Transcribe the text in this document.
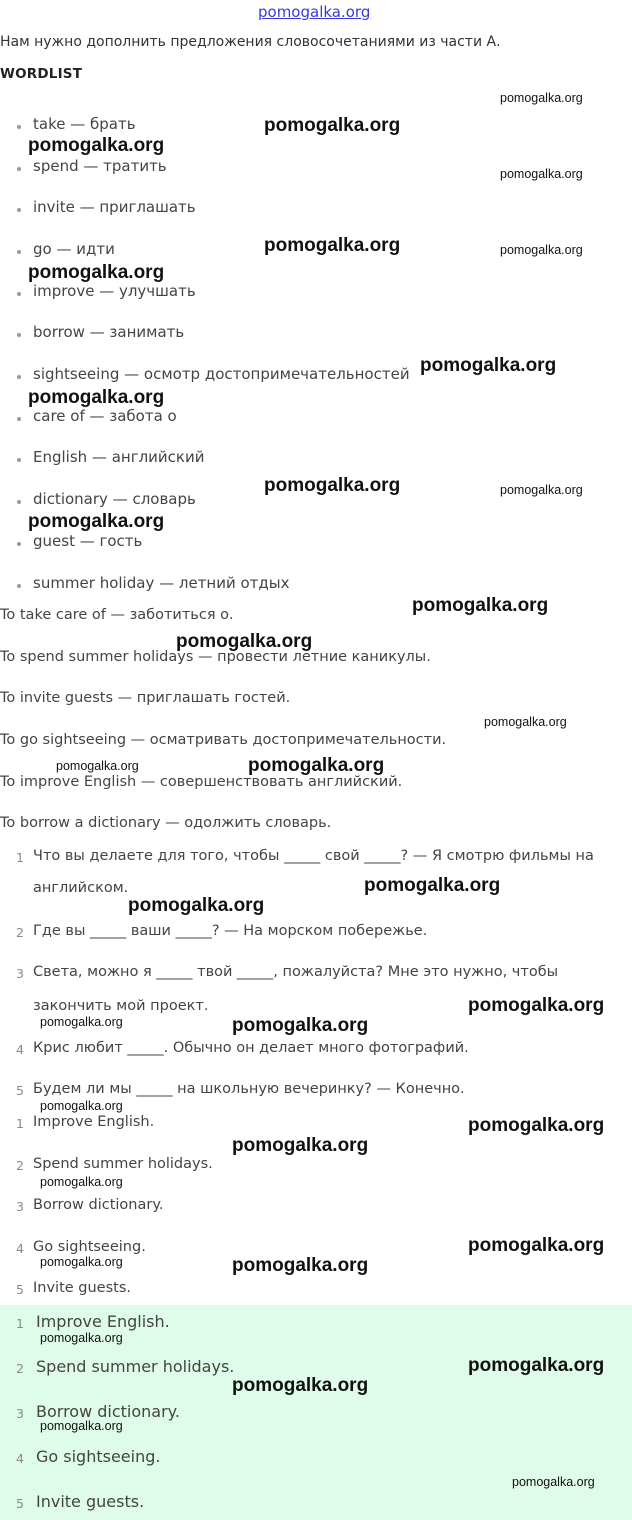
pomogalka.org
Нам нужно дополнить предложения словосочетаниями из части А.
WORDLIST
take — брать
spend — тратить
invite — приглашать
go — идти
improve — улучшать
borrow — занимать
sightseeing — осмотр достопримечательностей
care of — забота о
English — английский
dictionary — словарь
guest — гость
summer holiday — летний отдых
To take care of — заботиться о.
To spend summer holidays — провести летние каникулы.
To invite guests — приглашать гостей.
To go sightseeing — осматривать достопримечательности.
To improve English — совершенствовать английский.
To borrow a dictionary — одолжить словарь.
1 Что вы делаете для того, чтобы _____ свой _____? — Я смотрю фильмы на
английском.
2 Где вы _____ ваши _____? — На морском побережье.
3 Света, можно я _____ твой _____, пожалуйста? Мне это нужно, чтобы
закончить мой проект.
4 Крис любит _____. Обычно он делает много фотографий.
5 Будем ли мы _____ на школьную вечеринку? — Конечно.
1 Improve English.
2 Spend summer holidays.
3 Borrow dictionary.
4 Go sightseeing.
5 Invite guests.
1 Improve English.
2 Spend summer holidays.
3 Borrow dictionary.
4 Go sightseeing.
5 Invite guests.
pomogalka.org
pomogalka.org
pomogalka.org
pomogalka.org
pomogalka.org	pomogalka.org
pomogalka.org
pomogalka.org
pomogalka.org
pomogalka.org	pomogalka.org
pomogalka.org
pomogalka.org
pomogalka.org
pomogalka.org
pomogalka.org	pomogalka.org
pomogalka.org
pomogalka.org
pomogalka.org
pomogalka.org
pomogalka.org
pomogalka.org
pomogalka.org
pomogalka.org
pomogalka.org
pomogalka.org
pomogalka.org	pomogalka.org
pomogalka.org
pomogalka.org
pomogalka.org
pomogalka.org
pomogalka.org
